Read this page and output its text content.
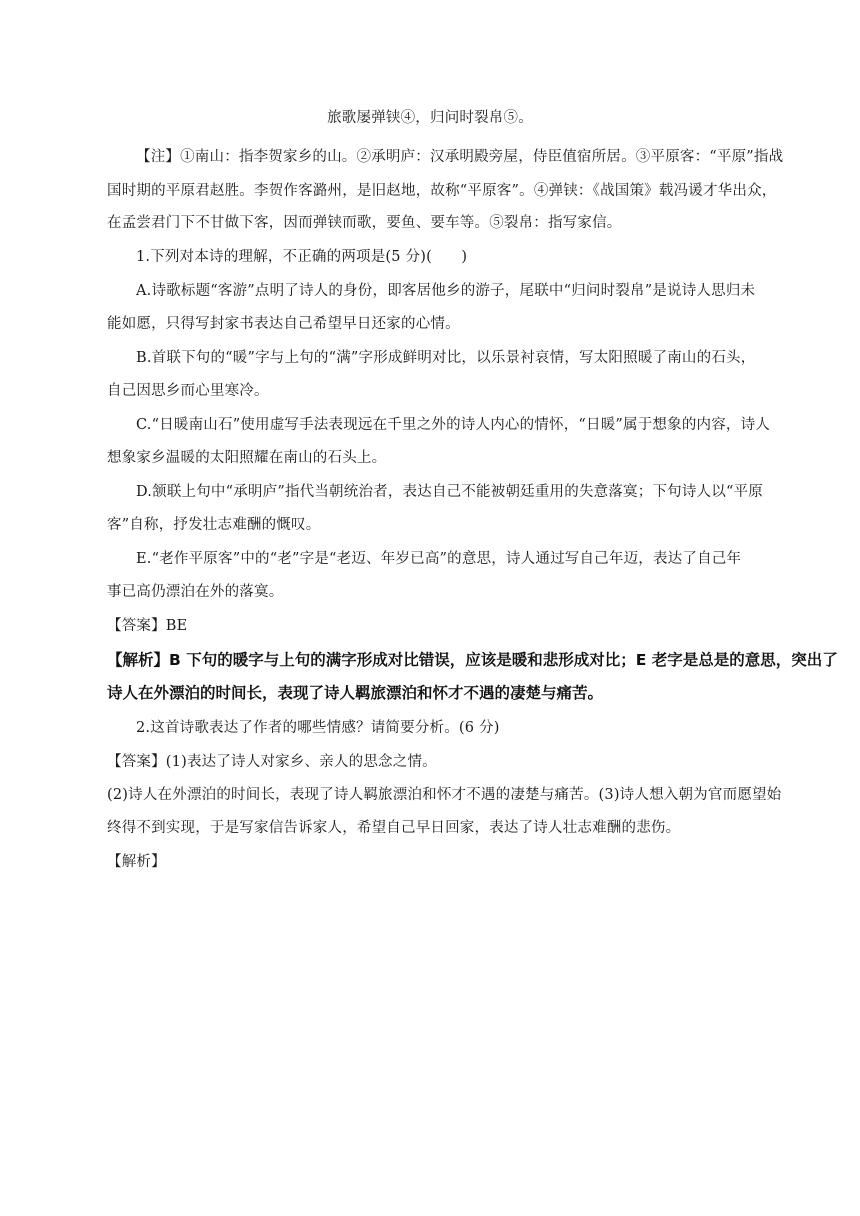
旅歌屡弹铗④，归问时裂帛⑤。
【注】①南山：指李贺家乡的山。②承明庐：汉承明殿旁屋，侍臣值宿所居。③平原客：“平原”指战
国时期的平原君赵胜。李贺作客潞州，是旧赵地，故称“平原客”。④弹铗：《战国策》载冯谖才华出众，
在孟尝君门下不甘做下客，因而弹铗而歌，要鱼、要车等。⑤裂帛：指写家信。
1.下列对本诗的理解，不正确的两项是(5 分)(　　)
A.诗歌标题“客游”点明了诗人的身份，即客居他乡的游子，尾联中“归问时裂帛”是说诗人思归未
能如愿，只得写封家书表达自己希望早日还家的心情。
B.首联下句的“暖”字与上句的“满”字形成鲜明对比，以乐景衬哀情，写太阳照暖了南山的石头，
自己因思乡而心里寒冷。
C.“日暖南山石”使用虚写手法表现远在千里之外的诗人内心的情怀，“日暖”属于想象的内容，诗人
想象家乡温暖的太阳照耀在南山的石头上。
D.颔联上句中“承明庐”指代当朝统治者，表达自己不能被朝廷重用的失意落寞；下句诗人以“平原
客”自称，抒发壮志难酬的慨叹。
E.“老作平原客”中的“老”字是“老迈、年岁已高”的意思，诗人通过写自己年迈，表达了自己年
事已高仍漂泊在外的落寞。
【答案】BE
【解析】B 下句的暖字与上句的满字形成对比错误，应该是暖和悲形成对比；E 老字是总是的意思，突出了
诗人在外漂泊的时间长，表现了诗人羁旅漂泊和怀才不遇的凄楚与痛苦。
2.这首诗歌表达了作者的哪些情感？请简要分析。(6 分)
【答案】(1)表达了诗人对家乡、亲人的思念之情。
(2)诗人在外漂泊的时间长，表现了诗人羁旅漂泊和怀才不遇的凄楚与痛苦。(3)诗人想入朝为官而愿望始
终得不到实现，于是写家信告诉家人，希望自己早日回家，表达了诗人壮志难酬的悲伤。
【解析】
